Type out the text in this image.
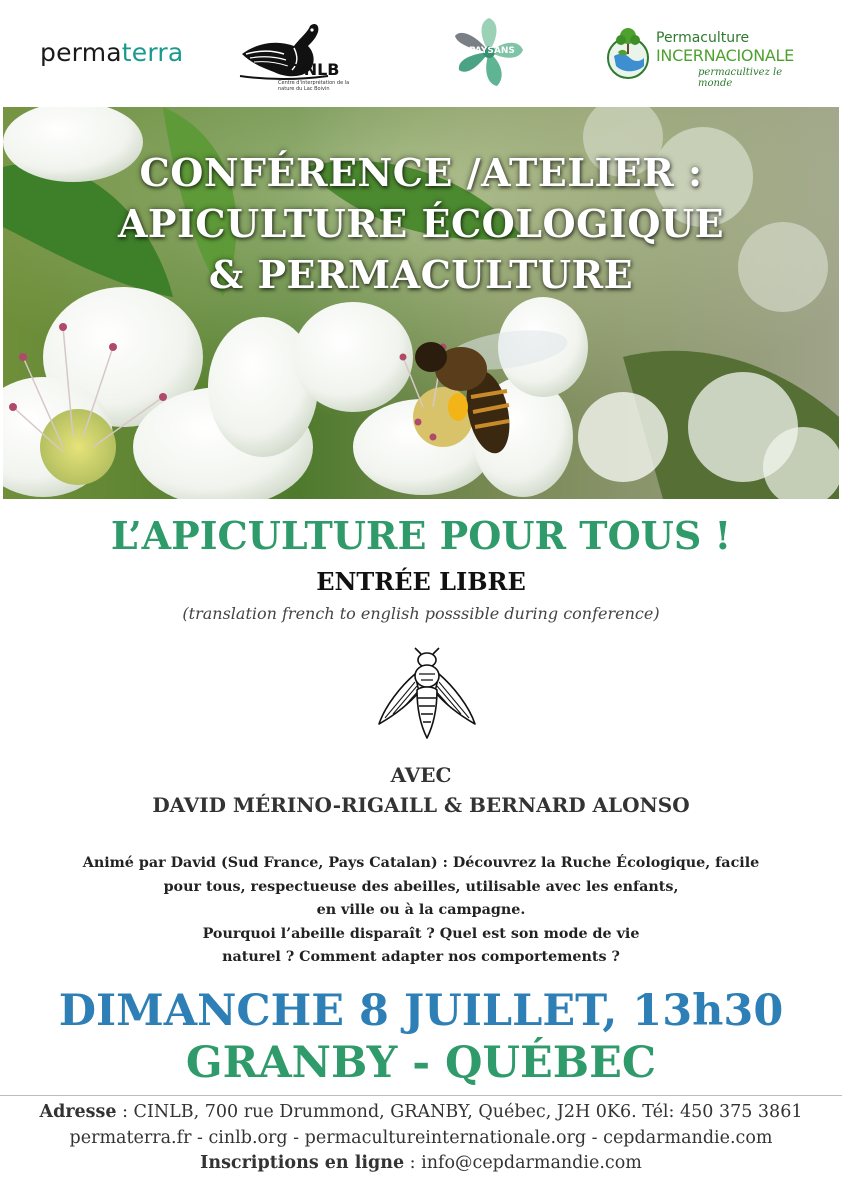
permaterra
CINLB
Centre d'interprétation de la nature du Lac Boivin
PAYSANS
Permaculture
INCERNACIONALE
permacultivez le monde
CONFÉRENCE /ATELIER :
APICULTURE ÉCOLOGIQUE
& PERMACULTURE
L’APICULTURE POUR TOUS !
ENTRÉE LIBRE
(translation french to english posssible during conference)
AVEC
DAVID MÉRINO-RIGAILL & BERNARD ALONSO
Animé par David (Sud France, Pays Catalan) : Découvrez la Ruche Écologique, facile
pour tous, respectueuse des abeilles, utilisable avec les enfants,
en ville ou à la campagne.
Pourquoi l’abeille disparaît ? Quel est son mode de vie
naturel ? Comment adapter nos comportements ?
DIMANCHE 8 JUILLET, 13h30
GRANBY - QUÉBEC
Adresse : CINLB, 700 rue Drummond, GRANBY, Québec, J2H 0K6. Tél: 450 375 3861
permaterra.fr - cinlb.org - permacultureinternationale.org - cepdarmandie.com
Inscriptions en ligne : info@cepdarmandie.com
